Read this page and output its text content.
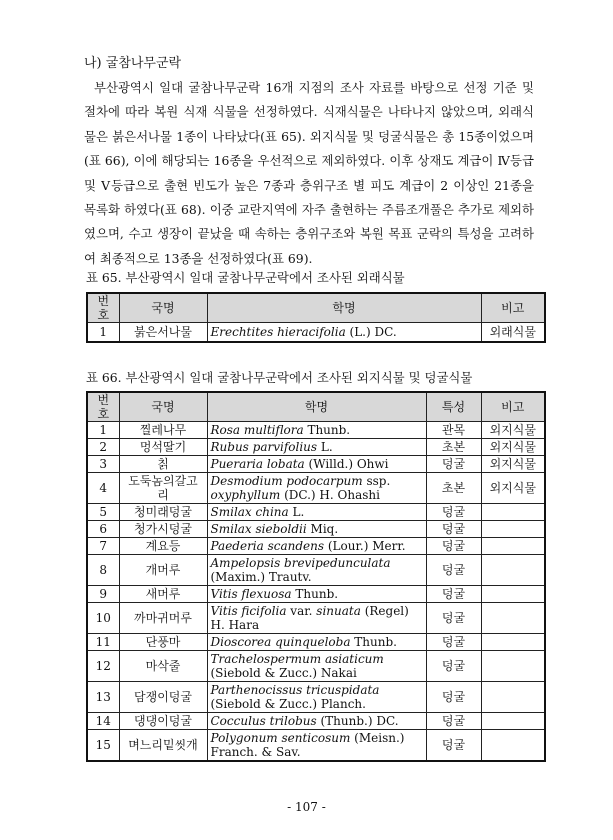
나) 굴참나무군락

부산광역시 일대 굴참나무군락 16개 지점의 조사 자료를 바탕으로 선정 기준 및 절차에 따라 복원 식재 식물을 선정하였다. 식재식물은 나타나지 않았으며, 외래식물은 붉은서나물 1종이 나타났다(표 65). 외지식물 및 덩굴식물은 총 15종이었으며(표 66), 이에 해당되는 16종을 우선적으로 제외하였다. 이후 상재도 계급이 Ⅳ등급 및 Ⅴ등급으로 출현 빈도가 높은 7종과 층위구조 별 피도 계급이 2 이상인 21종을 목록화 하였다(표 68). 이중 교란지역에 자주 출현하는 주름조개풀은 추가로 제외하였으며, 수고 생장이 끝났을 때 속하는 층위구조와 복원 목표 군락의 특성을 고려하여 최종적으로 13종을 선정하였다(표 69).

표 65. 부산광역시 일대 굴참나무군락에서 조사된 외래식물
번호	국명	학명	비고
1	붉은서나물	Erechtites hieracifolia (L.) DC.	외래식물
표 66. 부산광역시 일대 굴참나무군락에서 조사된 외지식물 및 덩굴식물
번호	국명	학명	특성	비고
1	찔레나무	Rosa multiflora Thunb.	관목	외지식물
2	멍석딸기	Rubus parvifolius L.	초본	외지식물
3	칡	Pueraria lobata (Willd.) Ohwi	덩굴	외지식물
4	도둑놈의갈고리	Desmodium podocarpum ssp. oxyphyllum (DC.) H. Ohashi	초본	외지식물
5	청미래덩굴	Smilax china L.	덩굴	
6	청가시덩굴	Smilax sieboldii Miq.	덩굴	
7	계요등	Paederia scandens (Lour.) Merr.	덩굴	
8	개머루	Ampelopsis brevipedunculata (Maxim.) Trautv.	덩굴	
9	새머루	Vitis flexuosa Thunb.	덩굴	
10	까마귀머루	Vitis ficifolia var. sinuata (Regel) H. Hara	덩굴	
11	단풍마	Dioscorea quinqueloba Thunb.	덩굴	
12	마삭줄	Trachelospermum asiaticum (Siebold & Zucc.) Nakai	덩굴	
13	담쟁이덩굴	Parthenocissus tricuspidata (Siebold & Zucc.) Planch.	덩굴	
14	댕댕이덩굴	Cocculus trilobus (Thunb.) DC.	덩굴	
15	며느리밑씻개	Polygonum senticosum (Meisn.) Franch. & Sav.	덩굴	
- 107 -
